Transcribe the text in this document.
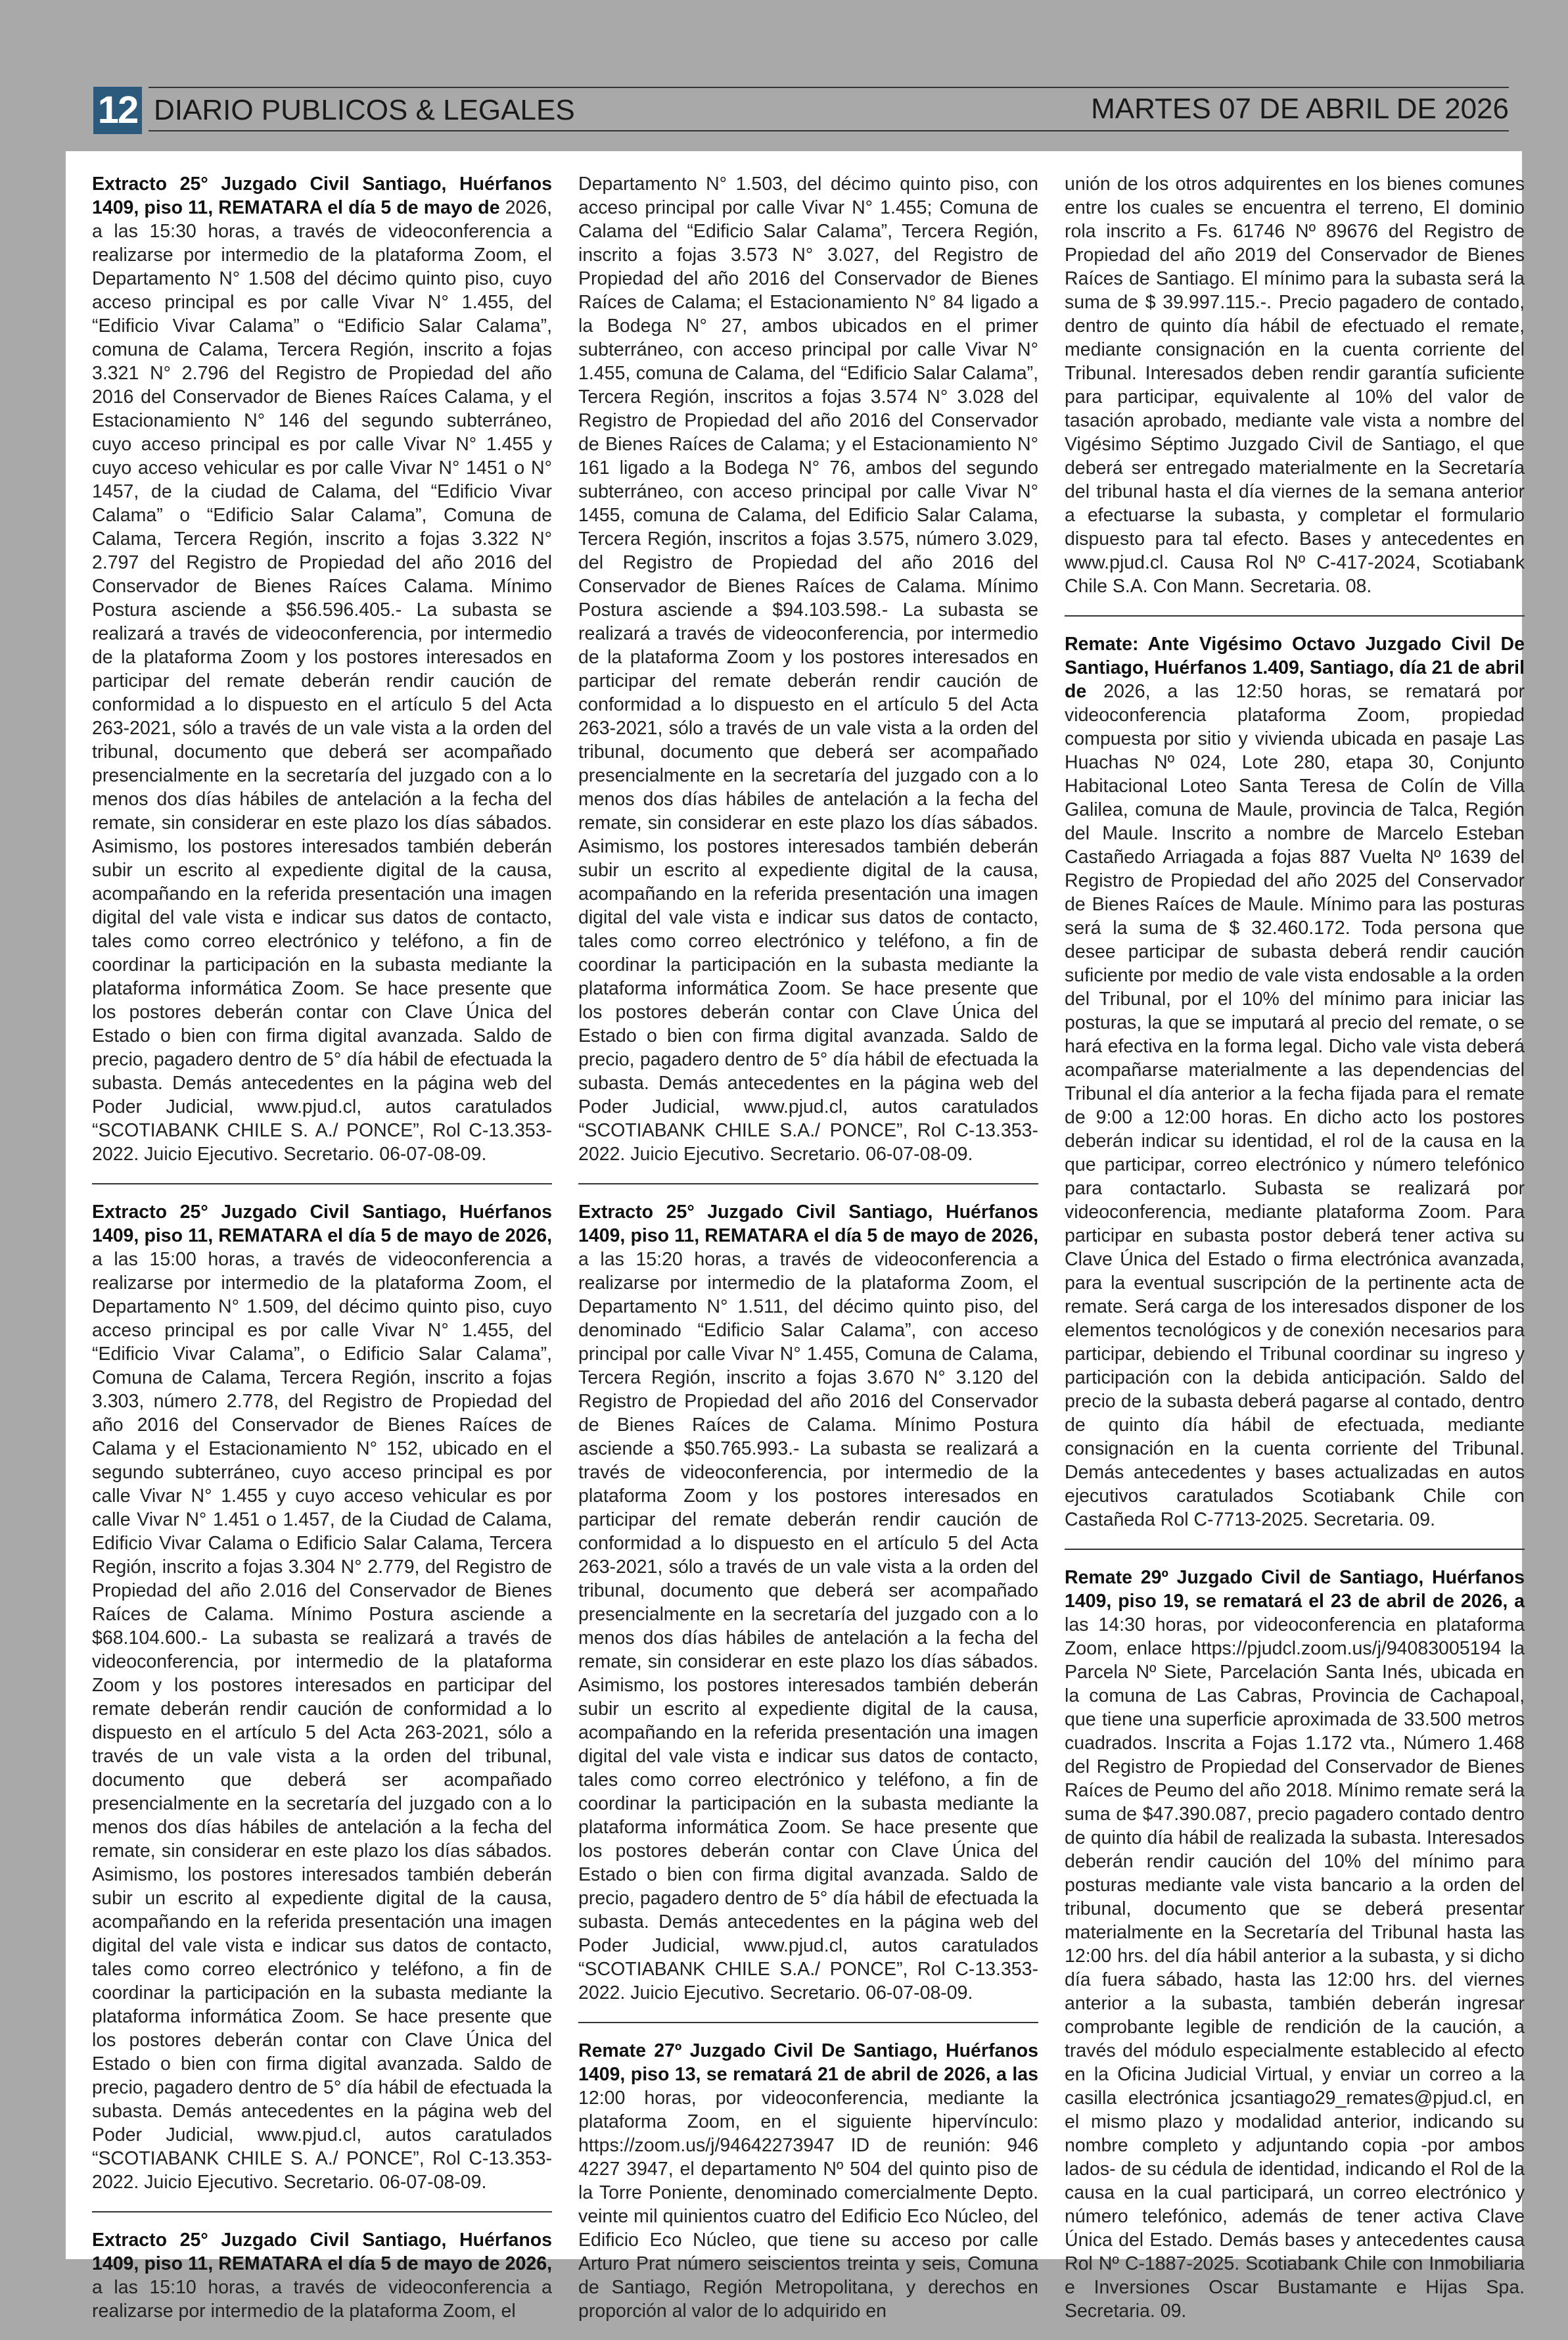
12 DIARIO PUBLICOS & LEGALES	MARTES 07 DE ABRIL DE 2026

Extracto 25° Juzgado Civil Santiago, Huérfanos 1409, piso 11, REMATARA el día 5 de mayo de 2026, a las 15:30 horas, a través de videoconferencia a realizarse por intermedio de la plataforma Zoom, el Departamento N° 1.508 del décimo quinto piso, cuyo acceso principal es por calle Vivar N° 1.455, del “Edificio Vivar Calama” o “Edificio Salar Calama”, comuna de Calama, Tercera Región, inscrito a fojas 3.321 N° 2.796 del Registro de Propiedad del año 2016 del Conservador de Bienes Raíces Calama, y el Estacionamiento N° 146 del segundo subterráneo, cuyo acceso principal es por calle Vivar N° 1.455 y cuyo acceso vehicular es por calle Vivar N° 1451 o N° 1457, de la ciudad de Calama, del “Edificio Vivar Calama” o “Edificio Salar Calama”, Comuna de Calama, Tercera Región, inscrito a fojas 3.322 N° 2.797 del Registro de Propiedad del año 2016 del Conservador de Bienes Raíces Calama. Mínimo Postura asciende a $56.596.405.- La subasta se realizará a través de videoconferencia, por intermedio de la plataforma Zoom y los postores interesados en participar del remate deberán rendir caución de conformidad a lo dispuesto en el artículo 5 del Acta 263-2021, sólo a través de un vale vista a la orden del tribunal, documento que deberá ser acompañado presencialmente en la secretaría del juzgado con a lo menos dos días hábiles de antelación a la fecha del remate, sin considerar en este plazo los días sábados. Asimismo, los postores interesados también deberán subir un escrito al expediente digital de la causa, acompañando en la referida presentación una imagen digital del vale vista e indicar sus datos de contacto, tales como correo electrónico y teléfono, a fin de coordinar la participación en la subasta mediante la plataforma informática Zoom. Se hace presente que los postores deberán contar con Clave Única del Estado o bien con firma digital avanzada. Saldo de precio, pagadero dentro de 5° día hábil de efectuada la subasta. Demás antecedentes en la página web del Poder Judicial, www.pjud.cl, autos caratulados “SCOTIABANK CHILE S. A./ PONCE”, Rol C-13.353-2022. Juicio Ejecutivo. Secretario. 06-07-08-09.

Extracto 25° Juzgado Civil Santiago, Huérfanos 1409, piso 11, REMATARA el día 5 de mayo de 2026, a las 15:00 horas, a través de videoconferencia a realizarse por intermedio de la plataforma Zoom, el Departamento N° 1.509, del décimo quinto piso, cuyo acceso principal es por calle Vivar N° 1.455, del “Edificio Vivar Calama”, o Edificio Salar Calama”, Comuna de Calama, Tercera Región, inscrito a fojas 3.303, número 2.778, del Registro de Propiedad del año 2016 del Conservador de Bienes Raíces de Calama y el Estacionamiento N° 152, ubicado en el segundo subterráneo, cuyo acceso principal es por calle Vivar N° 1.455 y cuyo acceso vehicular es por calle Vivar N° 1.451 o 1.457, de la Ciudad de Calama, Edificio Vivar Calama o Edificio Salar Calama, Tercera Región, inscrito a fojas 3.304 N° 2.779, del Registro de Propiedad del año 2.016 del Conservador de Bienes Raíces de Calama. Mínimo Postura asciende a $68.104.600.- La subasta se realizará a través de videoconferencia, por intermedio de la plataforma Zoom y los postores interesados en participar del remate deberán rendir caución de conformidad a lo dispuesto en el artículo 5 del Acta 263-2021, sólo a través de un vale vista a la orden del tribunal, documento que deberá ser acompañado presencialmente en la secretaría del juzgado con a lo menos dos días hábiles de antelación a la fecha del remate, sin considerar en este plazo los días sábados. Asimismo, los postores interesados también deberán subir un escrito al expediente digital de la causa, acompañando en la referida presentación una imagen digital del vale vista e indicar sus datos de contacto, tales como correo electrónico y teléfono, a fin de coordinar la participación en la subasta mediante la plataforma informática Zoom. Se hace presente que los postores deberán contar con Clave Única del Estado o bien con firma digital avanzada. Saldo de precio, pagadero dentro de 5° día hábil de efectuada la subasta. Demás antecedentes en la página web del Poder Judicial, www.pjud.cl, autos caratulados “SCOTIABANK CHILE S. A./ PONCE”, Rol C-13.353-2022. Juicio Ejecutivo. Secretario. 06-07-08-09.

Extracto 25° Juzgado Civil Santiago, Huérfanos 1409, piso 11, REMATARA el día 5 de mayo de 2026, a las 15:10 horas, a través de videoconferencia a realizarse por intermedio de la plataforma Zoom, el

Departamento N° 1.503, del décimo quinto piso, con acceso principal por calle Vivar N° 1.455; Comuna de Calama del “Edificio Salar Calama”, Tercera Región, inscrito a fojas 3.573 N° 3.027, del Registro de Propiedad del año 2016 del Conservador de Bienes Raíces de Calama; el Estacionamiento N° 84 ligado a la Bodega N° 27, ambos ubicados en el primer subterráneo, con acceso principal por calle Vivar N° 1.455, comuna de Calama, del “Edificio Salar Calama”, Tercera Región, inscritos a fojas 3.574 N° 3.028 del Registro de Propiedad del año 2016 del Conservador de Bienes Raíces de Calama; y el Estacionamiento N° 161 ligado a la Bodega N° 76, ambos del segundo subterráneo, con acceso principal por calle Vivar N° 1455, comuna de Calama, del Edificio Salar Calama, Tercera Región, inscritos a fojas 3.575, número 3.029, del Registro de Propiedad del año 2016 del Conservador de Bienes Raíces de Calama. Mínimo Postura asciende a $94.103.598.- La subasta se realizará a través de videoconferencia, por intermedio de la plataforma Zoom y los postores interesados en participar del remate deberán rendir caución de conformidad a lo dispuesto en el artículo 5 del Acta 263-2021, sólo a través de un vale vista a la orden del tribunal, documento que deberá ser acompañado presencialmente en la secretaría del juzgado con a lo menos dos días hábiles de antelación a la fecha del remate, sin considerar en este plazo los días sábados. Asimismo, los postores interesados también deberán subir un escrito al expediente digital de la causa, acompañando en la referida presentación una imagen digital del vale vista e indicar sus datos de contacto, tales como correo electrónico y teléfono, a fin de coordinar la participación en la subasta mediante la plataforma informática Zoom. Se hace presente que los postores deberán contar con Clave Única del Estado o bien con firma digital avanzada. Saldo de precio, pagadero dentro de 5° día hábil de efectuada la subasta. Demás antecedentes en la página web del Poder Judicial, www.pjud.cl, autos caratulados “SCOTIABANK CHILE S.A./ PONCE”, Rol C-13.353-2022. Juicio Ejecutivo. Secretario. 06-07-08-09.

Extracto 25° Juzgado Civil Santiago, Huérfanos 1409, piso 11, REMATARA el día 5 de mayo de 2026, a las 15:20 horas, a través de videoconferencia a realizarse por intermedio de la plataforma Zoom, el Departamento N° 1.511, del décimo quinto piso, del denominado “Edificio Salar Calama”, con acceso principal por calle Vivar N° 1.455, Comuna de Calama, Tercera Región, inscrito a fojas 3.670 N° 3.120 del Registro de Propiedad del año 2016 del Conservador de Bienes Raíces de Calama. Mínimo Postura asciende a $50.765.993.- La subasta se realizará a través de videoconferencia, por intermedio de la plataforma Zoom y los postores interesados en participar del remate deberán rendir caución de conformidad a lo dispuesto en el artículo 5 del Acta 263-2021, sólo a través de un vale vista a la orden del tribunal, documento que deberá ser acompañado presencialmente en la secretaría del juzgado con a lo menos dos días hábiles de antelación a la fecha del remate, sin considerar en este plazo los días sábados. Asimismo, los postores interesados también deberán subir un escrito al expediente digital de la causa, acompañando en la referida presentación una imagen digital del vale vista e indicar sus datos de contacto, tales como correo electrónico y teléfono, a fin de coordinar la participación en la subasta mediante la plataforma informática Zoom. Se hace presente que los postores deberán contar con Clave Única del Estado o bien con firma digital avanzada. Saldo de precio, pagadero dentro de 5° día hábil de efectuada la subasta. Demás antecedentes en la página web del Poder Judicial, www.pjud.cl, autos caratulados “SCOTIABANK CHILE S.A./ PONCE”, Rol C-13.353-2022. Juicio Ejecutivo. Secretario. 06-07-08-09.

Remate 27º Juzgado Civil De Santiago, Huérfanos 1409, piso 13, se rematará 21 de abril de 2026, a las 12:00 horas, por videoconferencia, mediante la plataforma Zoom, en el siguiente hipervínculo: https://zoom.us/j/94642273947 ID de reunión: 946 4227 3947, el departamento Nº 504 del quinto piso de la Torre Poniente, denominado comercialmente Depto. veinte mil quinientos cuatro del Edificio Eco Núcleo, del Edificio Eco Núcleo, que tiene su acceso por calle Arturo Prat número seiscientos treinta y seis, Comuna de Santiago, Región Metropolitana, y derechos en proporción al valor de lo adquirido en

unión de los otros adquirentes en los bienes comunes entre los cuales se encuentra el terreno, El dominio rola inscrito a Fs. 61746 Nº 89676 del Registro de Propiedad del año 2019 del Conservador de Bienes Raíces de Santiago. El mínimo para la subasta será la suma de $ 39.997.115.-. Precio pagadero de contado, dentro de quinto día hábil de efectuado el remate, mediante consignación en la cuenta corriente del Tribunal. Interesados deben rendir garantía suficiente para participar, equivalente al 10% del valor de tasación aprobado, mediante vale vista a nombre del Vigésimo Séptimo Juzgado Civil de Santiago, el que deberá ser entregado materialmente en la Secretaría del tribunal hasta el día viernes de la semana anterior a efectuarse la subasta, y completar el formulario dispuesto para tal efecto. Bases y antecedentes en www.pjud.cl. Causa Rol Nº C-417-2024, Scotiabank Chile S.A. Con Mann. Secretaria. 08.

Remate: Ante Vigésimo Octavo Juzgado Civil De Santiago, Huérfanos 1.409, Santiago, día 21 de abril de 2026, a las 12:50 horas, se rematará por videoconferencia plataforma Zoom, propiedad compuesta por sitio y vivienda ubicada en pasaje Las Huachas Nº 024, Lote 280, etapa 30, Conjunto Habitacional Loteo Santa Teresa de Colín de Villa Galilea, comuna de Maule, provincia de Talca, Región del Maule. Inscrito a nombre de Marcelo Esteban Castañedo Arriagada a fojas 887 Vuelta Nº 1639 del Registro de Propiedad del año 2025 del Conservador de Bienes Raíces de Maule. Mínimo para las posturas será la suma de $ 32.460.172. Toda persona que desee participar de subasta deberá rendir caución suficiente por medio de vale vista endosable a la orden del Tribunal, por el 10% del mínimo para iniciar las posturas, la que se imputará al precio del remate, o se hará efectiva en la forma legal. Dicho vale vista deberá acompañarse materialmente a las dependencias del Tribunal el día anterior a la fecha fijada para el remate de 9:00 a 12:00 horas. En dicho acto los postores deberán indicar su identidad, el rol de la causa en la que participar, correo electrónico y número telefónico para contactarlo. Subasta se realizará por videoconferencia, mediante plataforma Zoom. Para participar en subasta postor deberá tener activa su Clave Única del Estado o firma electrónica avanzada, para la eventual suscripción de la pertinente acta de remate. Será carga de los interesados disponer de los elementos tecnológicos y de conexión necesarios para participar, debiendo el Tribunal coordinar su ingreso y participación con la debida anticipación. Saldo del precio de la subasta deberá pagarse al contado, dentro de quinto día hábil de efectuada, mediante consignación en la cuenta corriente del Tribunal. Demás antecedentes y bases actualizadas en autos ejecutivos caratulados Scotiabank Chile con Castañeda Rol C-7713-2025. Secretaria. 09.

Remate 29º Juzgado Civil de Santiago, Huérfanos 1409, piso 19, se rematará el 23 de abril de 2026, a las 14:30 horas, por videoconferencia en plataforma Zoom, enlace https://pjudcl.zoom.us/j/94083005194 la Parcela Nº Siete, Parcelación Santa Inés, ubicada en la comuna de Las Cabras, Provincia de Cachapoal, que tiene una superficie aproximada de 33.500 metros cuadrados. Inscrita a Fojas 1.172 vta., Número 1.468 del Registro de Propiedad del Conservador de Bienes Raíces de Peumo del año 2018. Mínimo remate será la suma de $47.390.087, precio pagadero contado dentro de quinto día hábil de realizada la subasta. Interesados deberán rendir caución del 10% del mínimo para posturas mediante vale vista bancario a la orden del tribunal, documento que se deberá presentar materialmente en la Secretaría del Tribunal hasta las 12:00 hrs. del día hábil anterior a la subasta, y si dicho día fuera sábado, hasta las 12:00 hrs. del viernes anterior a la subasta, también deberán ingresar comprobante legible de rendición de la caución, a través del módulo especialmente establecido al efecto en la Oficina Judicial Virtual, y enviar un correo a la casilla electrónica jcsantiago29_remates@pjud.cl, en el mismo plazo y modalidad anterior, indicando su nombre completo y adjuntando copia -por ambos lados- de su cédula de identidad, indicando el Rol de la causa en la cual participará, un correo electrónico y número telefónico, además de tener activa Clave Única del Estado. Demás bases y antecedentes causa Rol Nº C-1887-2025. Scotiabank Chile con Inmobiliaria e Inversiones Oscar Bustamante e Hijas Spa. Secretaria. 09.
